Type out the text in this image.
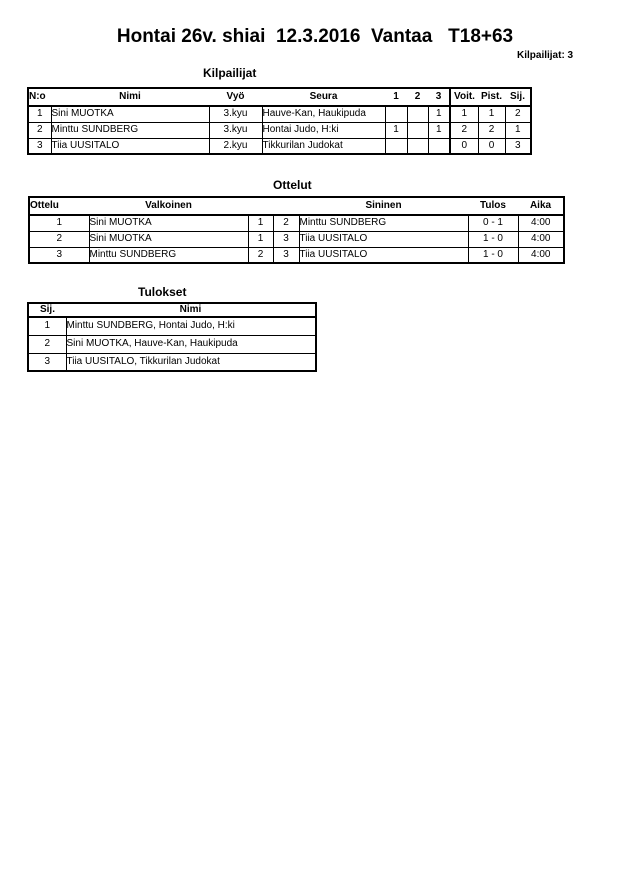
Hontai 26v. shiai  12.3.2016  Vantaa   T18+63
Kilpailijat: 3
Kilpailijat
N:o	Nimi	Vyö	Seura	1	2	3	Voit.	Pist.	Sij.
1	Sini MUOTKA	3.kyu	Hauve-Kan, Haukipuda			1	1	1	2
2	Minttu SUNDBERG	3.kyu	Hontai Judo, H:ki	1		1	2	2	1
3	Tiia UUSITALO	2.kyu	Tikkurilan Judokat				0	0	3
Ottelut
Ottelu	Valkoinen			Sininen	Tulos	Aika
1	Sini MUOTKA	1	2	Minttu SUNDBERG	0 - 1	4:00
2	Sini MUOTKA	1	3	Tiia UUSITALO	1 - 0	4:00
3	Minttu SUNDBERG	2	3	Tiia UUSITALO	1 - 0	4:00
Tulokset
Sij.	Nimi
1	Minttu SUNDBERG, Hontai Judo, H:ki
2	Sini MUOTKA, Hauve-Kan, Haukipuda
3	Tiia UUSITALO, Tikkurilan Judokat
